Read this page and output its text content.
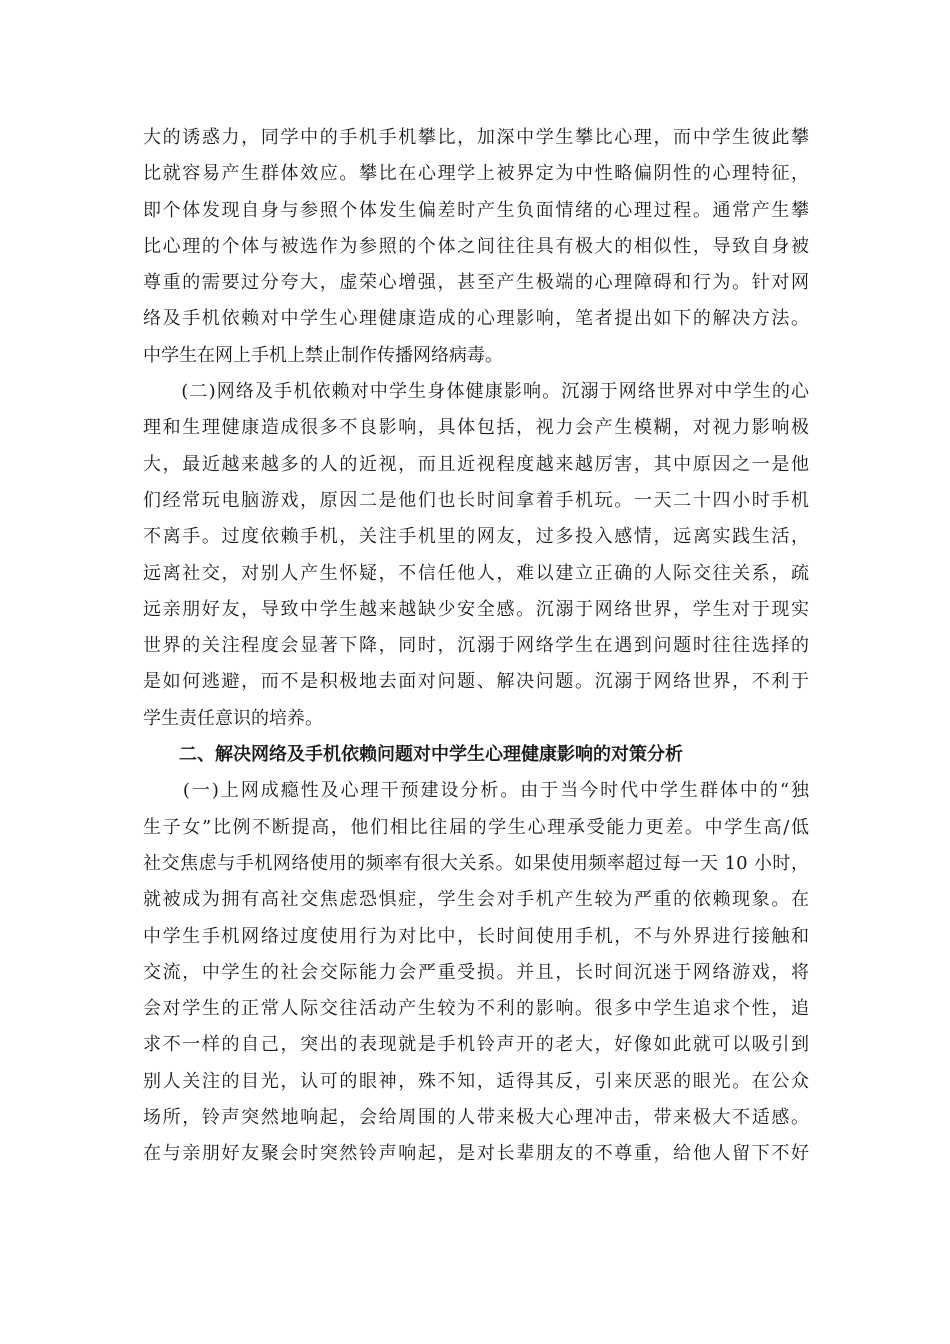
大的诱惑力，同学中的手机手机攀比，加深中学生攀比心理，而中学生彼此攀
比就容易产生群体效应。攀比在心理学上被界定为中性略偏阴性的心理特征，
即个体发现自身与参照个体发生偏差时产生负面情绪的心理过程。通常产生攀
比心理的个体与被选作为参照的个体之间往往具有极大的相似性，导致自身被
尊重的需要过分夸大，虚荣心增强，甚至产生极端的心理障碍和行为。针对网
络及手机依赖对中学生心理健康造成的心理影响，笔者提出如下的解决方法。
中学生在网上手机上禁止制作传播网络病毒。
　　(二)网络及手机依赖对中学生身体健康影响。沉溺于网络世界对中学生的心
理和生理健康造成很多不良影响，具体包括，视力会产生模糊，对视力影响极
大，最近越来越多的人的近视，而且近视程度越来越厉害，其中原因之一是他
们经常玩电脑游戏，原因二是他们也长时间拿着手机玩。一天二十四小时手机
不离手。过度依赖手机，关注手机里的网友，过多投入感情，远离实践生活，
远离社交，对别人产生怀疑，不信任他人，难以建立正确的人际交往关系，疏
远亲朋好友，导致中学生越来越缺少安全感。沉溺于网络世界，学生对于现实
世界的关注程度会显著下降，同时，沉溺于网络学生在遇到问题时往往选择的
是如何逃避，而不是积极地去面对问题、解决问题。沉溺于网络世界，不利于
学生责任意识的培养。
二、解决网络及手机依赖问题对中学生心理健康影响的对策分析
　　(一)上网成瘾性及心理干预建设分析。由于当今时代中学生群体中的“独
生子女”比例不断提高，他们相比往届的学生心理承受能力更差。中学生高/低
社交焦虑与手机网络使用的频率有很大关系。如果使用频率超过每一天 10 小时，
就被成为拥有高社交焦虑恐惧症，学生会对手机产生较为严重的依赖现象。在
中学生手机网络过度使用行为对比中，长时间使用手机，不与外界进行接触和
交流，中学生的社会交际能力会严重受损。并且，长时间沉迷于网络游戏，将
会对学生的正常人际交往活动产生较为不利的影响。很多中学生追求个性，追
求不一样的自己，突出的表现就是手机铃声开的老大，好像如此就可以吸引到
别人关注的目光，认可的眼神，殊不知，适得其反，引来厌恶的眼光。在公众
场所，铃声突然地响起，会给周围的人带来极大心理冲击，带来极大不适感。
在与亲朋好友聚会时突然铃声响起，是对长辈朋友的不尊重，给他人留下不好
